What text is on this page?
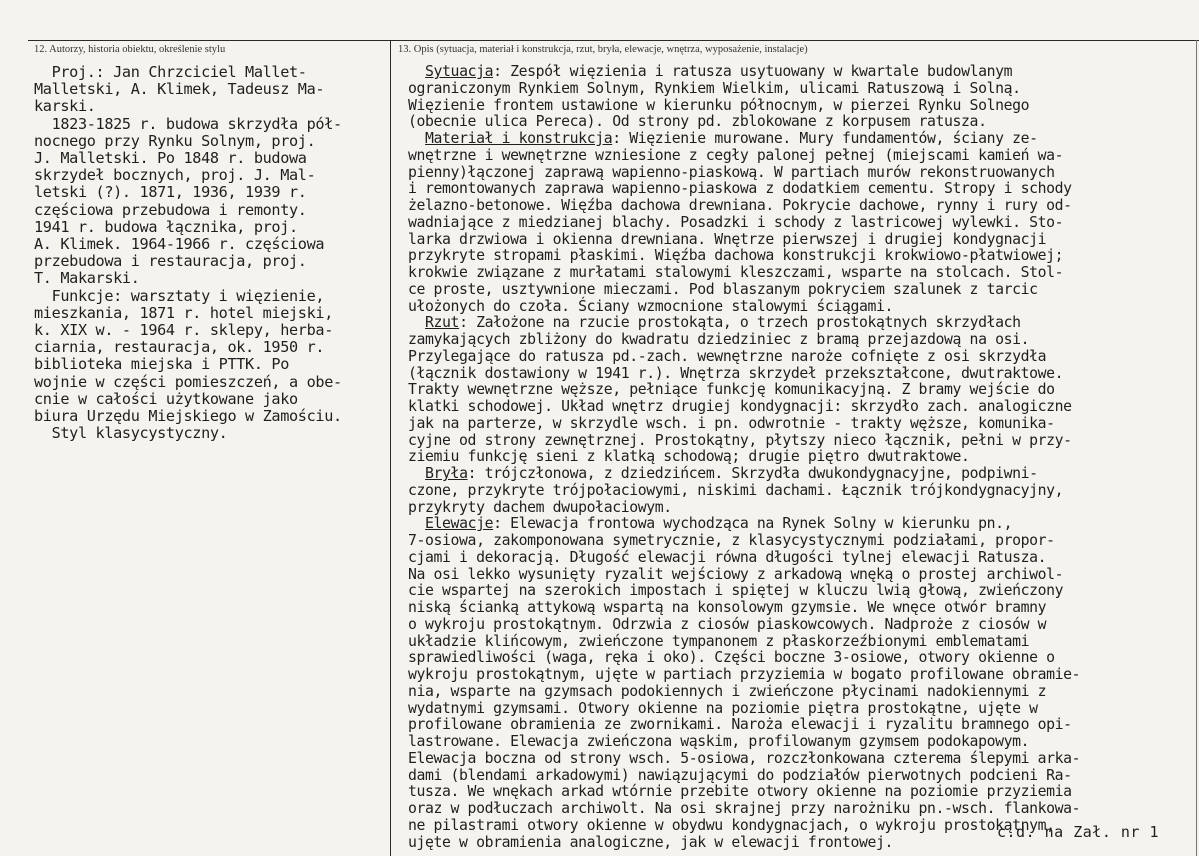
12. Autorzy, historia obiektu, określenie stylu	13. Opis (sytuacja, materiał i konstrukcja, rzut, bryła, elewacje, wnętrza, wyposażenie, instalacje)
Proj.: Jan Chrzciciel Mallet-
Malletski, A. Klimek, Tadeusz Ma-
karski.
1823-1825 r. budowa skrzydła pół-
nocnego przy Rynku Solnym, proj.
J. Malletski. Po 1848 r. budowa
skrzydeł bocznych, proj. J. Mal-
letski (?). 1871, 1936, 1939 r.
częściowa przebudowa i remonty.
1941 r. budowa łącznika, proj.
A. Klimek. 1964-1966 r. częściowa
przebudowa i restauracja, proj.
T. Makarski.
Funkcje: warsztaty i więzienie,
mieszkania, 1871 r. hotel miejski,
k. XIX w. - 1964 r. sklepy, herba-
ciarnia, restauracja, ok. 1950 r.
biblioteka miejska i PTTK. Po
wojnie w części pomieszczeń, a obe-
cnie w całości użytkowane jako
biura Urzędu Miejskiego w Zamościu.
Styl klasycystyczny.
Sytuacja: Zespół więzienia i ratusza usytuowany w kwartale budowlanym
ograniczonym Rynkiem Solnym, Rynkiem Wielkim, ulicami Ratuszową i Solną.
Więzienie frontem ustawione w kierunku północnym, w pierzei Rynku Solnego
(obecnie ulica Pereca). Od strony pd. zblokowane z korpusem ratusza.
Materiał i konstrukcja: Więzienie murowane. Mury fundamentów, ściany ze-
wnętrzne i wewnętrzne wzniesione z cegły palonej pełnej (miejscami kamień wa-
pienny)łączonej zaprawą wapienno-piaskową. W partiach murów rekonstruowanych
i remontowanych zaprawa wapienno-piaskowa z dodatkiem cementu. Stropy i schody
żelazno-betonowe. Więźba dachowa drewniana. Pokrycie dachowe, rynny i rury od-
wadniające z miedzianej blachy. Posadzki i schody z lastricowej wylewki. Sto-
larka drzwiowa i okienna drewniana. Wnętrze pierwszej i drugiej kondygnacji
przykryte stropami płaskimi. Więźba dachowa konstrukcji krokwiowo-płatwiowej;
krokwie związane z murłatami stalowymi kleszczami, wsparte na stolcach. Stol-
ce proste, usztywnione mieczami. Pod blaszanym pokryciem szalunek z tarcic
ułożonych do czoła. Ściany wzmocnione stalowymi ściągami.
Rzut: Założone na rzucie prostokąta, o trzech prostokątnych skrzydłach
zamykających zbliżony do kwadratu dziedziniec z bramą przejazdową na osi.
Przylegające do ratusza pd.-zach. wewnętrzne naroże cofnięte z osi skrzydła
(łącznik dostawiony w 1941 r.). Wnętrza skrzydeł przekształcone, dwutraktowe.
Trakty wewnętrzne węższe, pełniące funkcję komunikacyjną. Z bramy wejście do
klatki schodowej. Układ wnętrz drugiej kondygnacji: skrzydło zach. analogiczne
jak na parterze, w skrzydle wsch. i pn. odwrotnie - trakty węższe, komunika-
cyjne od strony zewnętrznej. Prostokątny, płytszy nieco łącznik, pełni w przy-
ziemiu funkcję sieni z klatką schodową; drugie piętro dwutraktowe.
Bryła: trójczłonowa, z dziedzińcem. Skrzydła dwukondygnacyjne, podpiwni-
czone, przykryte trójpołaciowymi, niskimi dachami. Łącznik trójkondygnacyjny,
przykryty dachem dwupołaciowym.
Elewacje: Elewacja frontowa wychodząca na Rynek Solny w kierunku pn.,
7-osiowa, zakomponowana symetrycznie, z klasycystycznymi podziałami, propor-
cjami i dekoracją. Długość elewacji równa długości tylnej elewacji Ratusza.
Na osi lekko wysunięty ryzalit wejściowy z arkadową wnęką o prostej archiwol-
cie wspartej na szerokich impostach i spiętej w kluczu lwią głową, zwieńczony
niską ścianką attykową wspartą na konsolowym gzymsie. We wnęce otwór bramny
o wykroju prostokątnym. Odrzwia z ciosów piaskowcowych. Nadproże z ciosów w
układzie klińcowym, zwieńczone tympanonem z płaskorzeźbionymi emblematami
sprawiedliwości (waga, ręka i oko). Części boczne 3-osiowe, otwory okienne o
wykroju prostokątnym, ujęte w partiach przyziemia w bogato profilowane obramie-
nia, wsparte na gzymsach podokiennych i zwieńczone płycinami nadokiennymi z
wydatnymi gzymsami. Otwory okienne na poziomie piętra prostokątne, ujęte w
profilowane obramienia ze zwornikami. Naroża elewacji i ryzalitu bramnego opi-
lastrowane. Elewacja zwieńczona wąskim, profilowanym gzymsem podokapowym.
Elewacja boczna od strony wsch. 5-osiowa, rozczłonkowana czterema ślepymi arka-
dami (blendami arkadowymi) nawiązującymi do podziałów pierwotnych podcieni Ra-
tusza. We wnękach arkad wtórnie przebite otwory okienne na poziomie przyziemia
oraz w podłuczach archiwolt. Na osi skrajnej przy narożniku pn.-wsch. flankowa-
ne pilastrami otwory okienne w obydwu kondygnacjach, o wykroju prostokątnym,
ujęte w obramienia analogiczne, jak w elewacji frontowej.
c.d. na Zał. nr 1
